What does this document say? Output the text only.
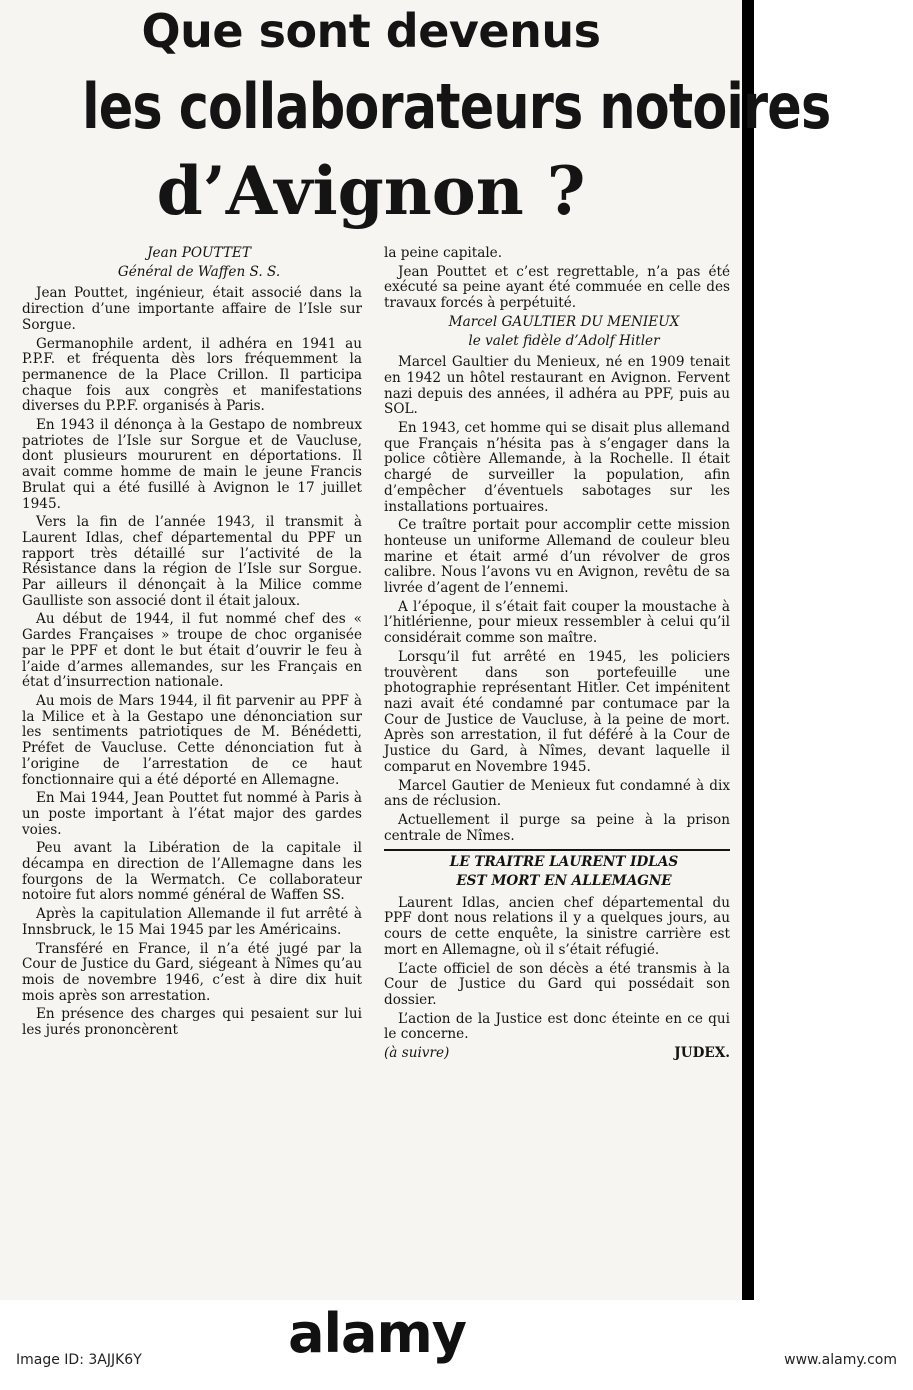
Que sont devenus
les collaborateurs notoires
d’Avignon ?

Jean POUTTET

Général de Waffen S. S.

Jean Pouttet, ingénieur, était associé dans la direction d’une importante affaire de l’Isle sur Sorgue.

Germanophile ardent, il adhéra en 1941 au P.P.F. et fréquenta dès lors fréquemment la permanence de la Place Crillon. Il participa chaque fois aux congrès et manifestations diverses du P.P.F. organisés à Paris.

En 1943 il dénonça à la Gestapo de nombreux patriotes de l’Isle sur Sorgue et de Vaucluse, dont plusieurs moururent en déportations. Il avait comme homme de main le jeune Francis Brulat qui a été fusillé à Avignon le 17 juillet 1945.

Vers la fin de l’année 1943, il transmit à Laurent Idlas, chef départemental du PPF un rapport très détaillé sur l’activité de la Résistance dans la région de l’Isle sur Sorgue. Par ailleurs il dénonçait à la Milice comme Gaulliste son associé dont il était jaloux.

Au début de 1944, il fut nommé chef des « Gardes Françaises » troupe de choc organisée par le PPF et dont le but était d’ouvrir le feu à l’aide d’armes allemandes, sur les Français en état d’insurrection nationale.

Au mois de Mars 1944, il fit parvenir au PPF à la Milice et à la Gestapo une dénonciation sur les sentiments patriotiques de M. Bénédetti, Préfet de Vaucluse. Cette dénonciation fut à l’origine de l’arrestation de ce haut fonctionnaire qui a été déporté en Allemagne.

En Mai 1944, Jean Pouttet fut nommé à Paris à un poste important à l’état major des gardes voies.

Peu avant la Libération de la capitale il décampa en direction de l’Allemagne dans les fourgons de la Wermatch. Ce collaborateur notoire fut alors nommé général de Waffen SS.

Après la capitulation Allemande il fut arrêté à Innsbruck, le 15 Mai 1945 par les Américains.

Transféré en France, il n’a été jugé par la Cour de Justice du Gard, siégeant à Nîmes qu’au mois de novembre 1946, c’est à dire dix huit mois après son arrestation.

En présence des charges qui pesaient sur lui les jurés prononcèrent

la peine capitale.

Jean Pouttet et c’est regrettable, n’a pas été exécuté sa peine ayant été commuée en celle des travaux forcés à perpétuité.

Marcel GAULTIER DU MENIEUX

le valet fidèle d’Adolf Hitler

Marcel Gaultier du Menieux, né en 1909 tenait en 1942 un hôtel restaurant en Avignon. Fervent nazi depuis des années, il adhéra au PPF, puis au SOL.

En 1943, cet homme qui se disait plus allemand que Français n’hésita pas à s’engager dans la police côtière Allemande, à la Rochelle. Il était chargé de surveiller la population, afin d’empêcher d’éventuels sabotages sur les installations portuaires.

Ce traître portait pour accomplir cette mission honteuse un uniforme Allemand de couleur bleu marine et était armé d’un révolver de gros calibre. Nous l’avons vu en Avignon, revêtu de sa livrée d’agent de l’ennemi.

A l’époque, il s’était fait couper la moustache à l’hitlérienne, pour mieux ressembler à celui qu’il considérait comme son maître.

Lorsqu’il fut arrêté en 1945, les policiers trouvèrent dans son portefeuille une photographie représentant Hitler. Cet impénitent nazi avait été condamné par contumace par la Cour de Justice de Vaucluse, à la peine de mort. Après son arrestation, il fut déféré à la Cour de Justice du Gard, à Nîmes, devant laquelle il comparut en Novembre 1945.

Marcel Gautier de Menieux fut condamné à dix ans de réclusion.

Actuellement il purge sa peine à la prison centrale de Nîmes.

LE TRAITRE LAURENT IDLAS

EST MORT EN ALLEMAGNE

Laurent Idlas, ancien chef départemental du PPF dont nous relations il y a quelques jours, au cours de cette enquête, la sinistre carrière est mort en Allemagne, où il s’était réfugié.

L’acte officiel de son décès a été transmis à la Cour de Justice du Gard qui possédait son dossier.

L’action de la Justice est donc éteinte en ce qui le concerne.

(à suivre)	JUDEX.
alamy
Image ID: 3AJJK6Y	www.alamy.com
